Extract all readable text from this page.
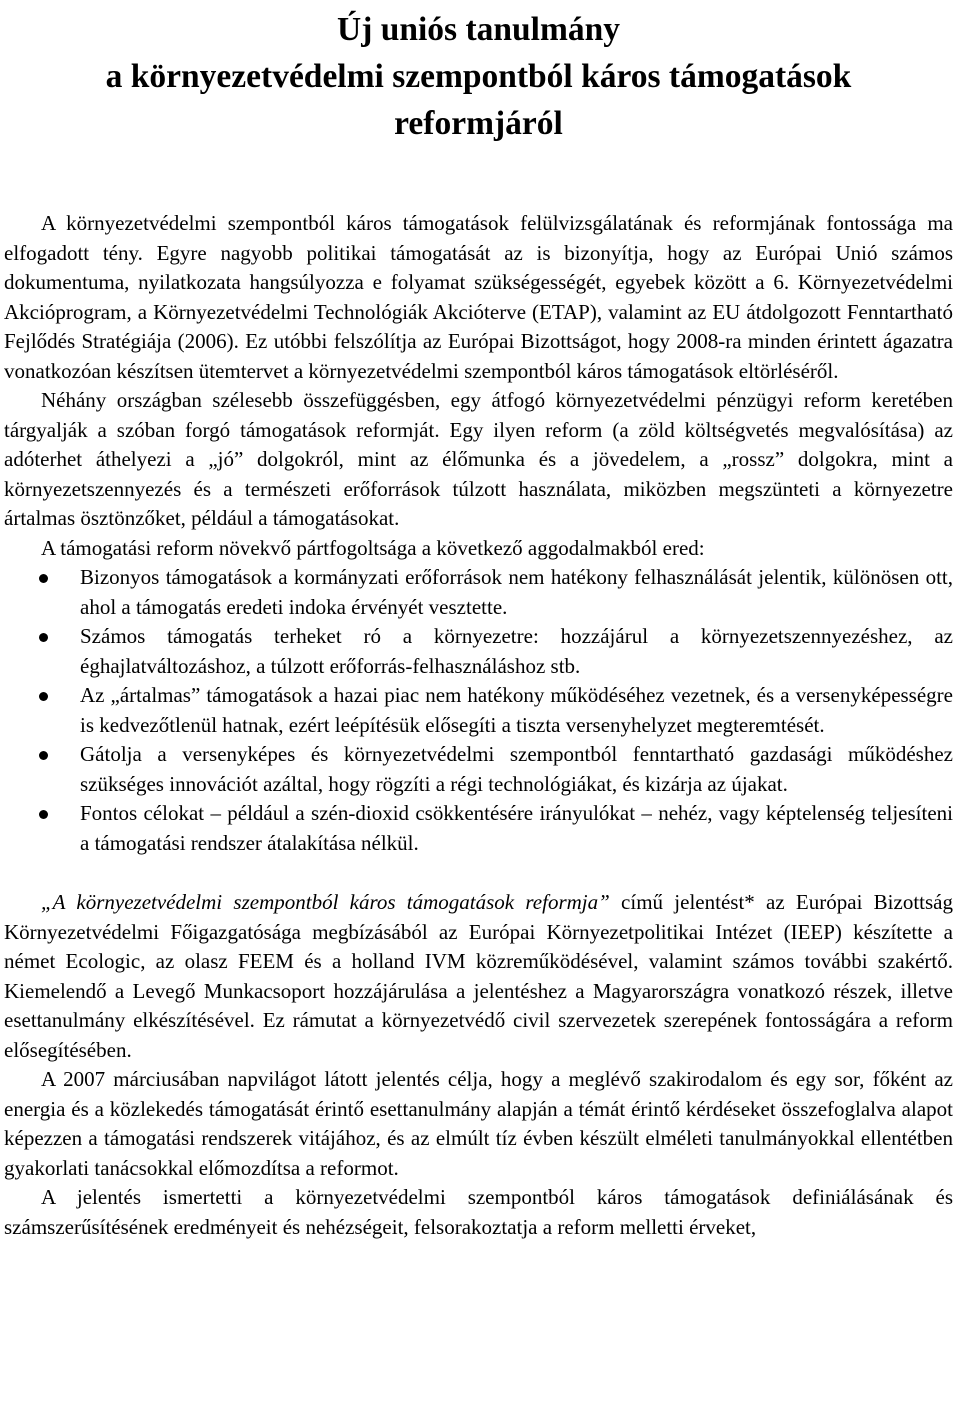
Új uniós tanulmány
a környezetvédelmi szempontból káros támogatások
reformjáról

A környezetvédelmi szempontból káros támogatások felülvizsgálatának és reformjának fontossága ma elfogadott tény. Egyre nagyobb politikai támogatását az is bizonyítja, hogy az Európai Unió számos dokumentuma, nyilatkozata hangsúlyozza e folyamat szükségességét, egyebek között a 6. Környezetvédelmi Akcióprogram, a Környezetvédelmi Technológiák Akcióterve (ETAP), valamint az EU átdolgozott Fenntartható Fejlődés Stratégiája (2006). Ez utóbbi felszólítja az Európai Bizottságot, hogy 2008-ra minden érintett ágazatra vonatkozóan készítsen ütemtervet a környezetvédelmi szempontból káros támogatások eltörléséről.

Néhány országban szélesebb összefüggésben, egy átfogó környezetvédelmi pénzügyi reform keretében tárgyalják a szóban forgó támogatások reformját. Egy ilyen reform (a zöld költségvetés megvalósítása) az adóterhet áthelyezi a „jó” dolgokról, mint az élőmunka és a jövedelem, a „rossz” dolgokra, mint a környezetszennyezés és a természeti erőforrások túlzott használata, miközben megszünteti a környezetre ártalmas ösztönzőket, például a támogatásokat.

A támogatási reform növekvő pártfogoltsága a következő aggodalmakból ered:

Bizonyos támogatások a kormányzati erőforrások nem hatékony felhasználását jelentik, különösen ott, ahol a támogatás eredeti indoka érvényét vesztette.
Számos támogatás terheket ró a környezetre: hozzájárul a környezetszennyezéshez, az éghajlatváltozáshoz, a túlzott erőforrás-felhasználáshoz stb.
Az „ártalmas” támogatások a hazai piac nem hatékony működéséhez vezetnek, és a versenyképességre is kedvezőtlenül hatnak, ezért leépítésük elősegíti a tiszta versenyhelyzet megteremtését.
Gátolja a versenyképes és környezetvédelmi szempontból fenntartható gazdasági működéshez szükséges innovációt azáltal, hogy rögzíti a régi technológiákat, és kizárja az újakat.
Fontos célokat – például a szén-dioxid csökkentésére irányulókat – nehéz, vagy képtelenség teljesíteni a támogatási rendszer átalakítása nélkül.

„A környezetvédelmi szempontból káros támogatások reformja” című jelentést* az Európai Bizottság Környezetvédelmi Főigazgatósága megbízásából az Európai Környezetpolitikai Intézet (IEEP) készítette a német Ecologic, az olasz FEEM és a holland IVM közreműködésével, valamint számos további szakértő. Kiemelendő a Levegő Munkacsoport hozzájárulása a jelentéshez a Magyarországra vonatkozó részek, illetve esettanulmány elkészítésével. Ez rámutat a környezetvédő civil szervezetek szerepének fontosságára a reform elősegítésében.

A 2007 márciusában napvilágot látott jelentés célja, hogy a meglévő szakirodalom és egy sor, főként az energia és a közlekedés támogatását érintő esettanulmány alapján a témát érintő kérdéseket összefoglalva alapot képezzen a támogatási rendszerek vitájához, és az elmúlt tíz évben készült elméleti tanulmányokkal ellentétben gyakorlati tanácsokkal előmozdítsa a reformot.

A jelentés ismertetti a környezetvédelmi szempontból káros támogatások definiálásának és számszerűsítésének eredményeit és nehézségeit, felsorakoztatja a reform melletti érveket,
